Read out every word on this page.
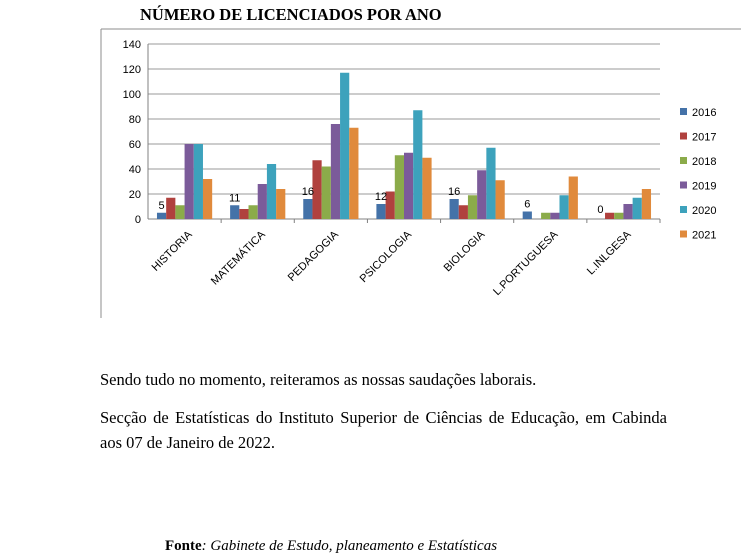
NÚMERO DE LICENCIADOS POR ANO
0
20
40
60
80
100
120
140
5
11
16	12	16
6	0
HISTORIA MATEMÁTICA PEDAGOGIA PSICOLOGIA BIOLOGIA L.PORTUGUESA L.INLGESA
2016
2017
2018
2019
2020
2021
Sendo tudo no momento, reiteramos as nossas saudações laborais.
Secção de Estatísticas do Instituto Superior de Ciências de Educação, em Cabinda aos 07 de Janeiro de 2022.
Fonte: Gabinete de Estudo, planeamento e Estatísticas
